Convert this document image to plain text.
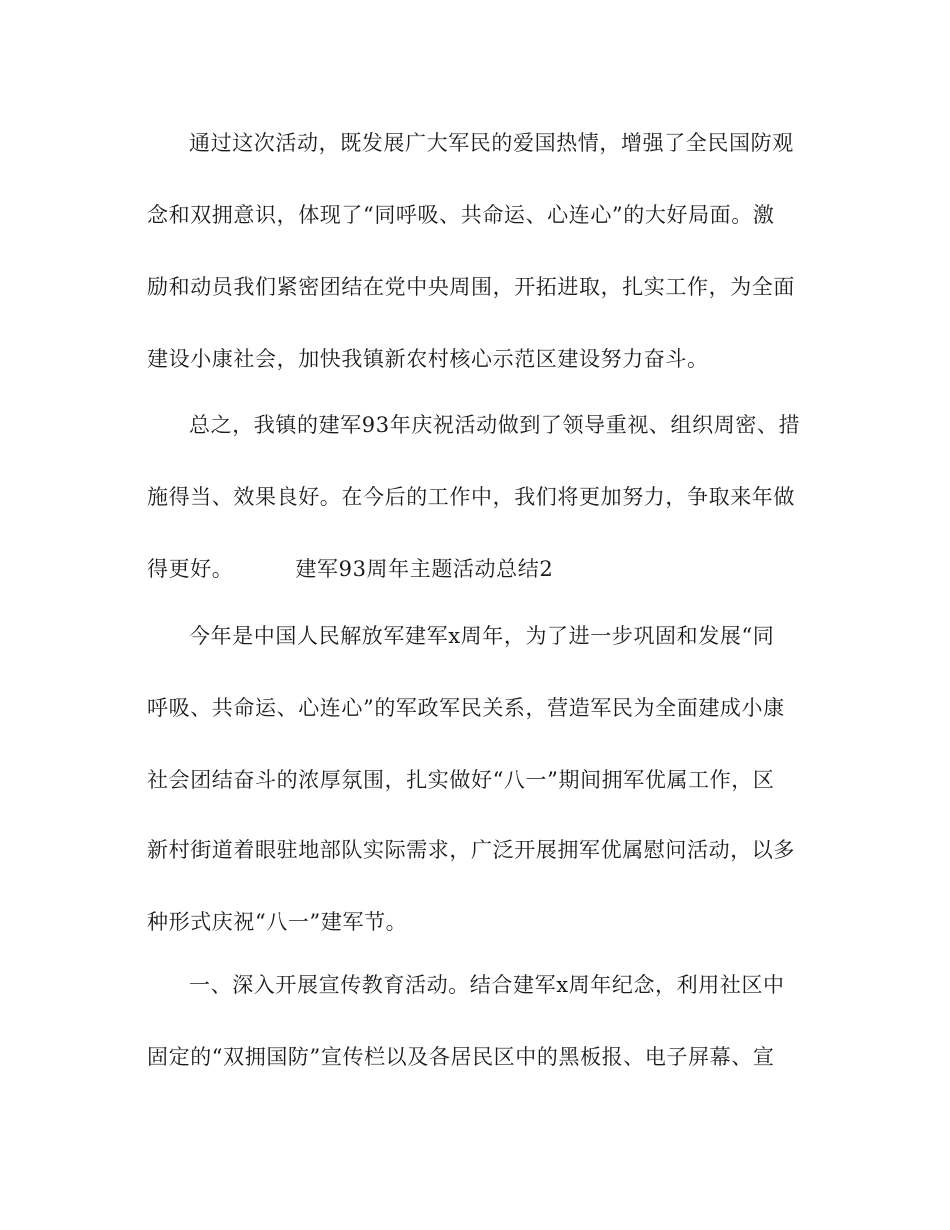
通过这次活动，既发展广大军民的爱国热情，增强了全民国防观
念和双拥意识，体现了“同呼吸、共命运、心连心”的大好局面。激
励和动员我们紧密团结在党中央周围，开拓进取，扎实工作，为全面
建设小康社会，加快我镇新农村核心示范区建设努力奋斗。
总之，我镇的建军93年庆祝活动做到了领导重视、组织周密、措
施得当、效果良好。在今后的工作中，我们将更加努力，争取来年做
得更好。	建军93周年主题活动总结2
今年是中国人民解放军建军x周年，为了进一步巩固和发展“同
呼吸、共命运、心连心”的军政军民关系，营造军民为全面建成小康
社会团结奋斗的浓厚氛围，扎实做好“八一”期间拥军优属工作，区
新村街道着眼驻地部队实际需求，广泛开展拥军优属慰问活动，以多
种形式庆祝“八一”建军节。
一、深入开展宣传教育活动。结合建军x周年纪念，利用社区中
固定的“双拥国防”宣传栏以及各居民区中的黑板报、电子屏幕、宣
